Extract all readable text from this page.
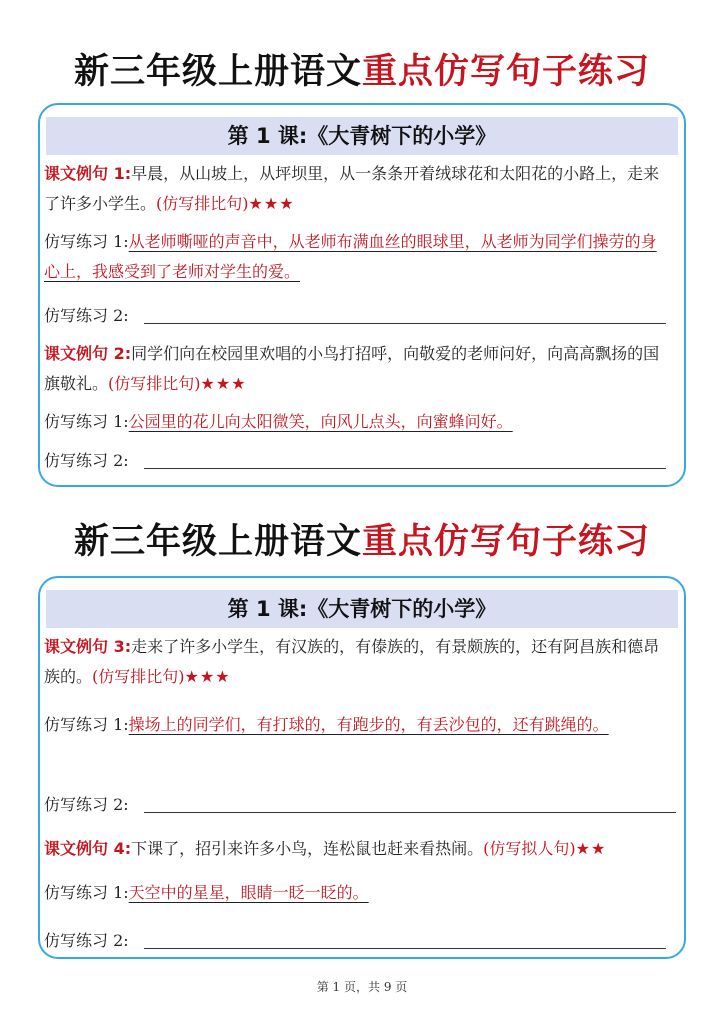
新三年级上册语文重点仿写句子练习
第 1 课:《大青树下的小学》
课文例句 1:早晨，从山坡上，从坪坝里，从一条条开着绒球花和太阳花的小路上，走来了许多小学生。(仿写排比句)★★★
仿写练习 1:从老师嘶哑的声音中，从老师布满血丝的眼球里，从老师为同学们操劳的身心上，我感受到了老师对学生的爱。
仿写练习 2:
课文例句 2:同学们向在校园里欢唱的小鸟打招呼，向敬爱的老师问好，向高高飘扬的国旗敬礼。(仿写排比句)★★★
仿写练习 1:公园里的花儿向太阳微笑，向风儿点头，向蜜蜂问好。
仿写练习 2:
新三年级上册语文重点仿写句子练习
第 1 课:《大青树下的小学》
课文例句 3:走来了许多小学生，有汉族的，有傣族的，有景颇族的，还有阿昌族和德昂族的。(仿写排比句)★★★
仿写练习 1:操场上的同学们，有打球的，有跑步的，有丢沙包的，还有跳绳的。
仿写练习 2:
课文例句 4:下课了，招引来许多小鸟，连松鼠也赶来看热闹。(仿写拟人句)★★
仿写练习 1:天空中的星星，眼睛一眨一眨的。
仿写练习 2:
第 1 页，共 9 页
